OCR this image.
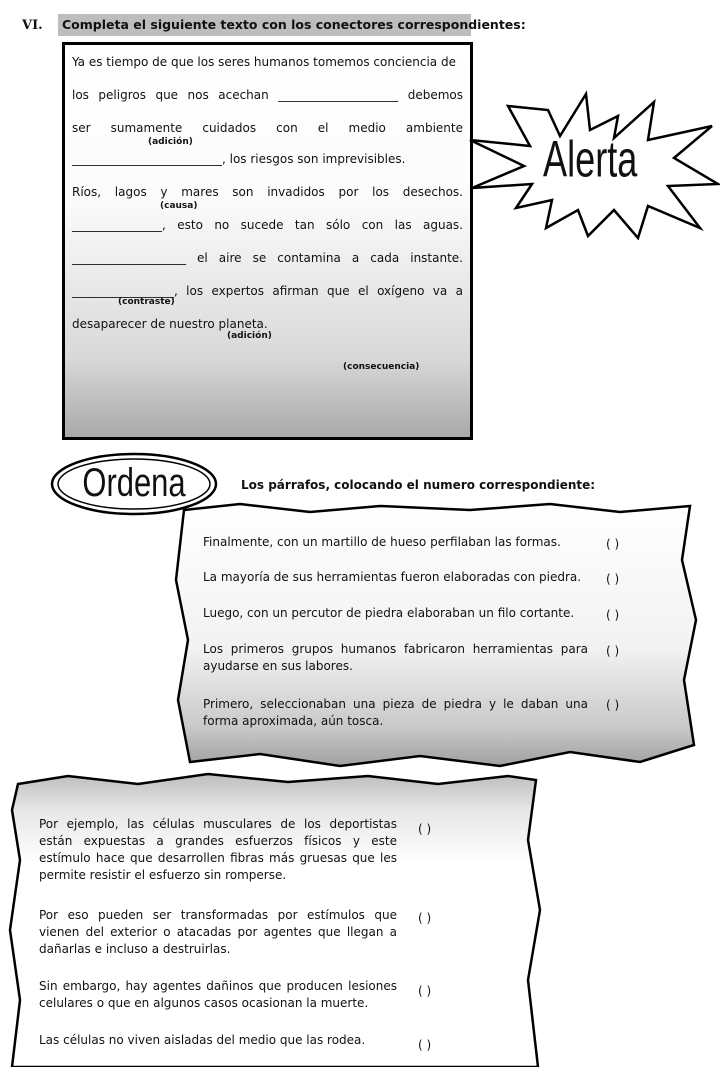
VI.	Completa el siguiente texto con los conectores correspondientes:
Ya es tiempo de que los seres humanos tomemos conciencia de
los peligros que nos acechan ____________________ debemos
ser sumamente cuidados con el medio ambiente
(adición)
_________________________, los riesgos son imprevisibles.
Ríos, lagos y mares son invadidos por los desechos.
(causa)
_______________, esto no sucede tan sólo con las aguas.
___________________ el aire se contamina a cada instante.
_________________, los expertos afirman que el oxígeno va a
(contraste)
desaparecer de nuestro planeta.
(adición)
(consecuencia)
Alerta
Ordena	Los párrafos, colocando el numero correspondiente:
Finalmente, con un martillo de hueso perfilaban las formas.	( )
La mayoría de sus herramientas fueron elaboradas con piedra.	( )
Luego, con un percutor de piedra elaboraban un filo cortante.	( )
Los primeros grupos humanos fabricaron herramientas para ayudarse en sus labores.
( )
Primero, seleccionaban una pieza de piedra y le daban una forma aproximada, aún tosca.
( )
Por ejemplo, las células musculares de los deportistas están expuestas a grandes esfuerzos físicos y este estímulo hace que desarrollen fibras más gruesas que les permite resistir el esfuerzo sin romperse.
( )
Por eso pueden ser transformadas por estímulos que vienen del exterior o atacadas por agentes que llegan a dañarlas e incluso a destruirlas.
( )
Sin embargo, hay agentes dañinos que producen lesiones celulares o que en algunos casos ocasionan la muerte.
( )
Las células no viven aisladas del medio que las rodea.	( )
